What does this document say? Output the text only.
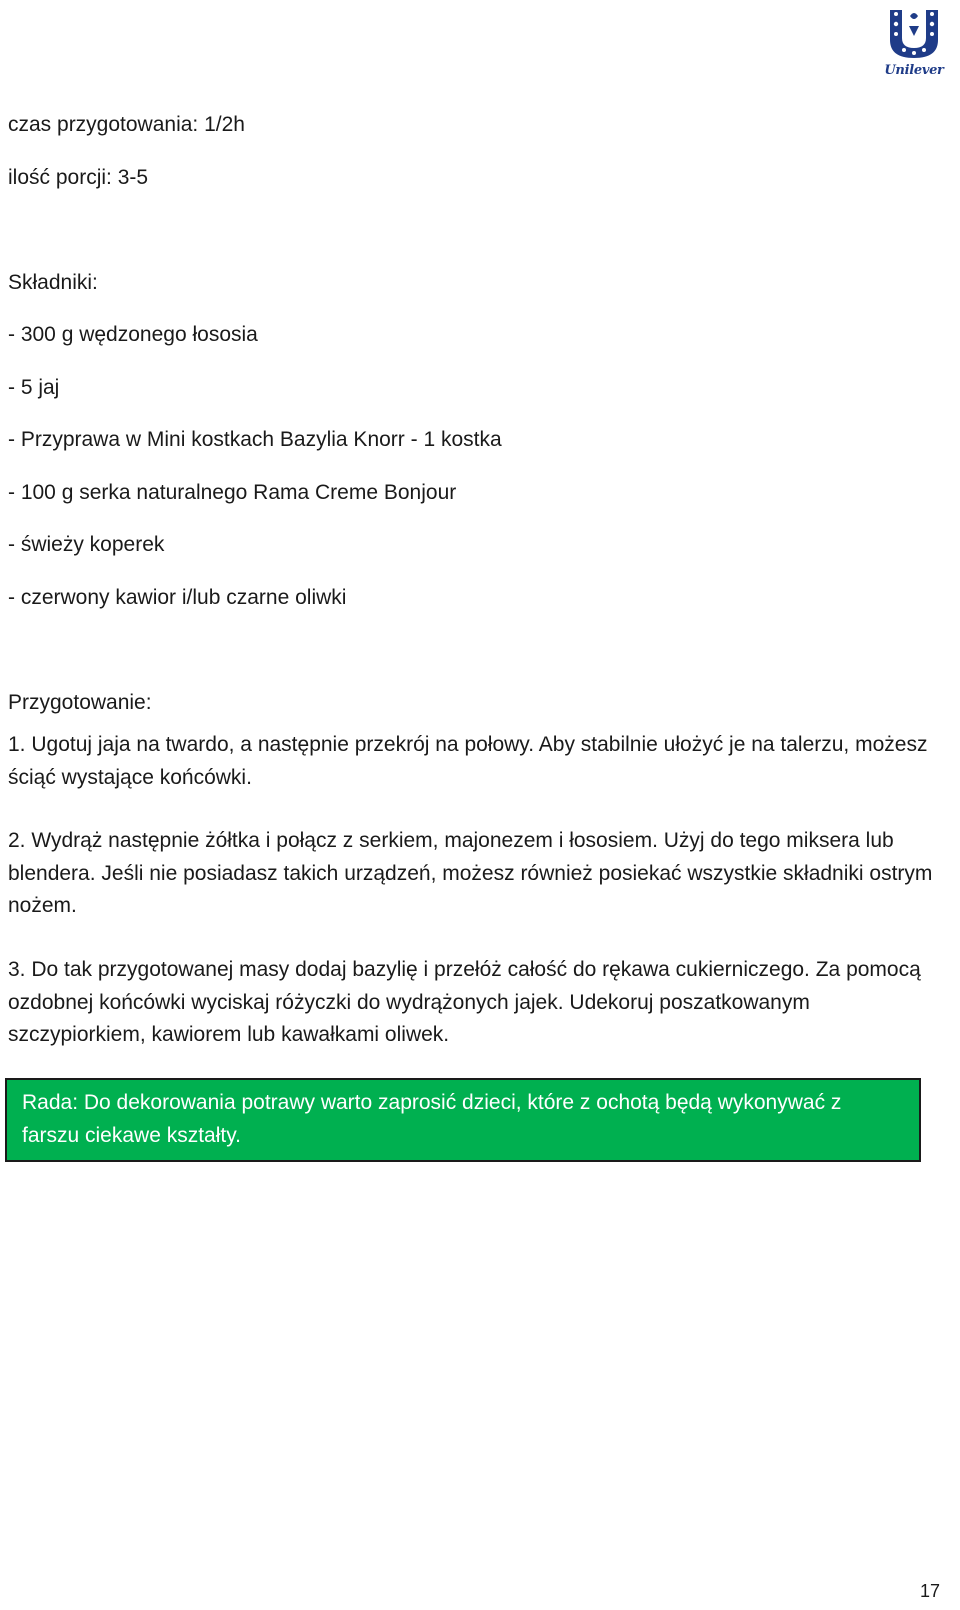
Unilever
czas przygotowania: 1/2h
ilość porcji: 3-5
Składniki:
- 300 g wędzonego łososia
- 5 jaj
- Przyprawa w Mini kostkach Bazylia Knorr - 1 kostka
- 100 g serka naturalnego Rama Creme Bonjour
- świeży koperek
- czerwony kawior i/lub czarne oliwki
Przygotowanie:
1. Ugotuj jaja na twardo, a następnie przekrój na połowy. Aby stabilnie ułożyć je na talerzu, możesz ściąć wystające końcówki.
2. Wydrąż następnie żółtka i połącz z serkiem, majonezem i łososiem. Użyj do tego miksera lub blendera. Jeśli nie posiadasz takich urządzeń, możesz również posiekać wszystkie składniki ostrym nożem.
3. Do tak przygotowanej masy dodaj bazylię i przełóż całość do rękawa cukierniczego. Za pomocą ozdobnej końcówki wyciskaj różyczki do wydrążonych jajek. Udekoruj poszatkowanym szczypiorkiem, kawiorem lub kawałkami oliwek.
Rada: Do dekorowania potrawy warto zaprosić dzieci, które z ochotą będą wykonywać z farszu ciekawe kształty.
17
